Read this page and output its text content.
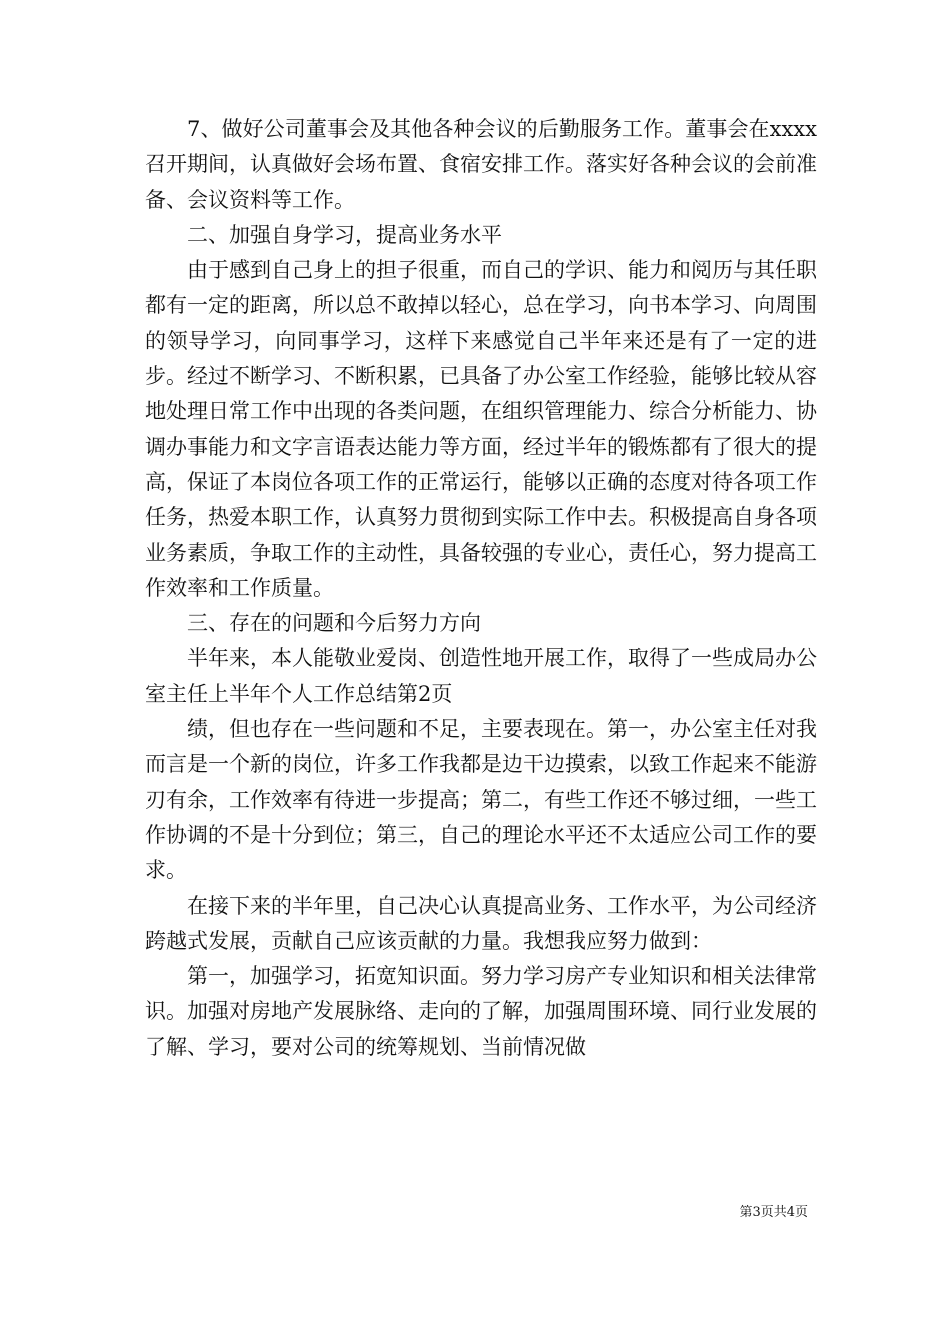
7、做好公司董事会及其他各种会议的后勤服务工作。董事会在xxxx召开期间，认真做好会场布置、食宿安排工作。落实好各种会议的会前准备、会议资料等工作。

二、加强自身学习，提高业务水平

由于感到自己身上的担子很重，而自己的学识、能力和阅历与其任职都有一定的距离，所以总不敢掉以轻心，总在学习，向书本学习、向周围的领导学习，向同事学习，这样下来感觉自己半年来还是有了一定的进步。经过不断学习、不断积累，已具备了办公室工作经验，能够比较从容地处理日常工作中出现的各类问题，在组织管理能力、综合分析能力、协调办事能力和文字言语表达能力等方面，经过半年的锻炼都有了很大的提高，保证了本岗位各项工作的正常运行，能够以正确的态度对待各项工作任务，热爱本职工作，认真努力贯彻到实际工作中去。积极提高自身各项业务素质，争取工作的主动性，具备较强的专业心，责任心，努力提高工作效率和工作质量。

三、存在的问题和今后努力方向

半年来，本人能敬业爱岗、创造性地开展工作，取得了一些成局办公室主任上半年个人工作总结第2页

绩，但也存在一些问题和不足，主要表现在。第一，办公室主任对我而言是一个新的岗位，许多工作我都是边干边摸索，以致工作起来不能游刃有余，工作效率有待进一步提高；第二，有些工作还不够过细，一些工作协调的不是十分到位；第三，自己的理论水平还不太适应公司工作的要求。

在接下来的半年里，自己决心认真提高业务、工作水平，为公司经济跨越式发展，贡献自己应该贡献的力量。我想我应努力做到：

第一，加强学习，拓宽知识面。努力学习房产专业知识和相关法律常识。加强对房地产发展脉络、走向的了解，加强周围环境、同行业发展的了解、学习，要对公司的统筹规划、当前情况做

第3页共4页
